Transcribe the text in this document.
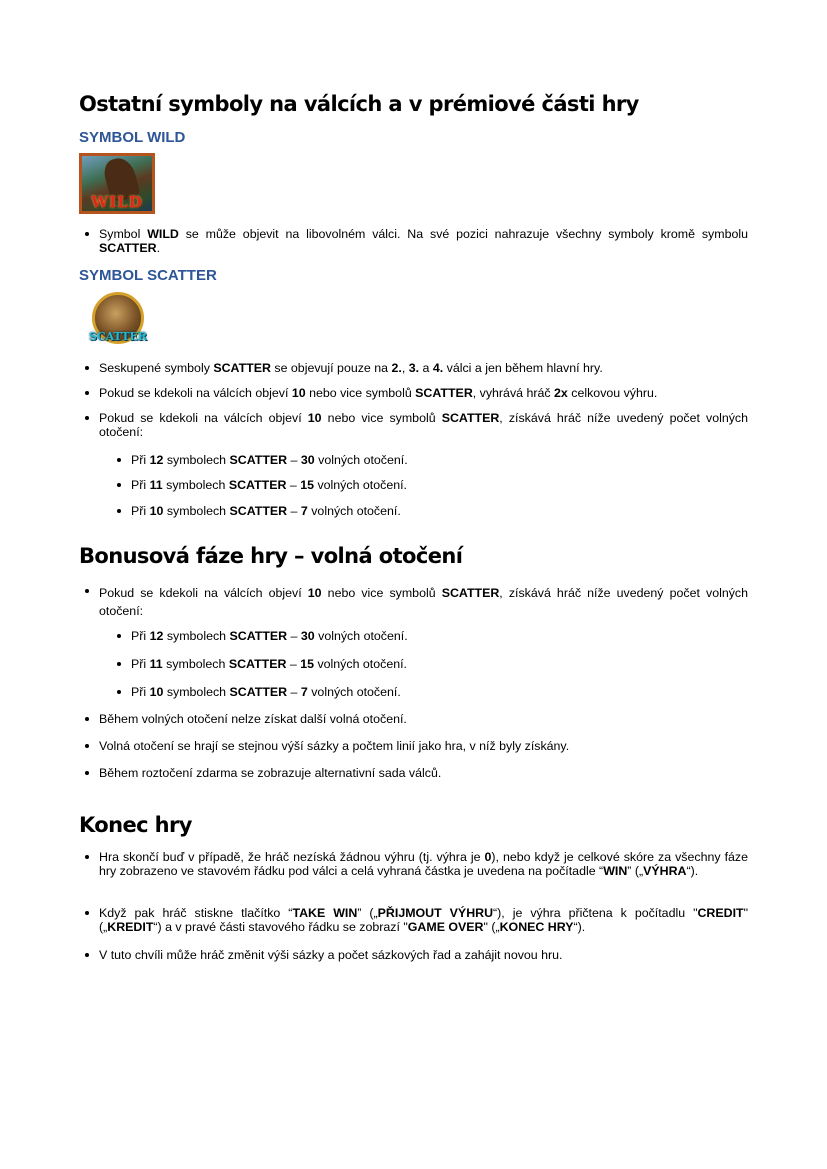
Ostatní symboly na válcích a v prémiové části hry
SYMBOL WILD
WILD
Symbol WILD se může objevit na libovolném válci. Na své pozici nahrazuje všechny symboly kromě symbolu SCATTER.
SYMBOL SCATTER
SCATTER
Seskupené symboly SCATTER se objevují pouze na 2., 3. a 4. válci a jen během hlavní hry.
Pokud se kdekoli na válcích objeví 10 nebo vice symbolů SCATTER, vyhrává hráč 2x celkovou výhru.
Pokud se kdekoli na válcích objeví 10 nebo vice symbolů SCATTER, získává hráč níže uvedený počet volných otočení:
Při 12 symbolech SCATTER – 30 volných otočení.
Při 11 symbolech SCATTER – 15 volných otočení.
Při 10 symbolech SCATTER – 7 volných otočení.
Bonusová fáze hry – volná otočení
Pokud se kdekoli na válcích objeví 10 nebo vice symbolů SCATTER, získává hráč níže uvedený počet volných otočení:
Při 12 symbolech SCATTER – 30 volných otočení.
Při 11 symbolech SCATTER – 15 volných otočení.
Při 10 symbolech SCATTER – 7 volných otočení.
Během volných otočení nelze získat další volná otočení.
Volná otočení se hrají se stejnou výší sázky a počtem linií jako hra, v níž byly získány.
Během roztočení zdarma se zobrazuje alternativní sada válců.
Konec hry
Hra skončí buď v případě, že hráč nezíská žádnou výhru (tj. výhra je 0), nebo když je celkové skóre za všechny fáze hry zobrazeno ve stavovém řádku pod válci a celá vyhraná částka je uvedena na počítadle “WIN” („VÝHRA“).
Když pak hráč stiskne tlačítko “TAKE WIN” („PŘIJMOUT VÝHRU“), je výhra přičtena k počítadlu "CREDIT" („KREDIT“) a v pravé části stavového řádku se zobrazí "GAME OVER" („KONEC HRY“).
V tuto chvíli může hráč změnit výši sázky a počet sázkových řad a zahájit novou hru.
